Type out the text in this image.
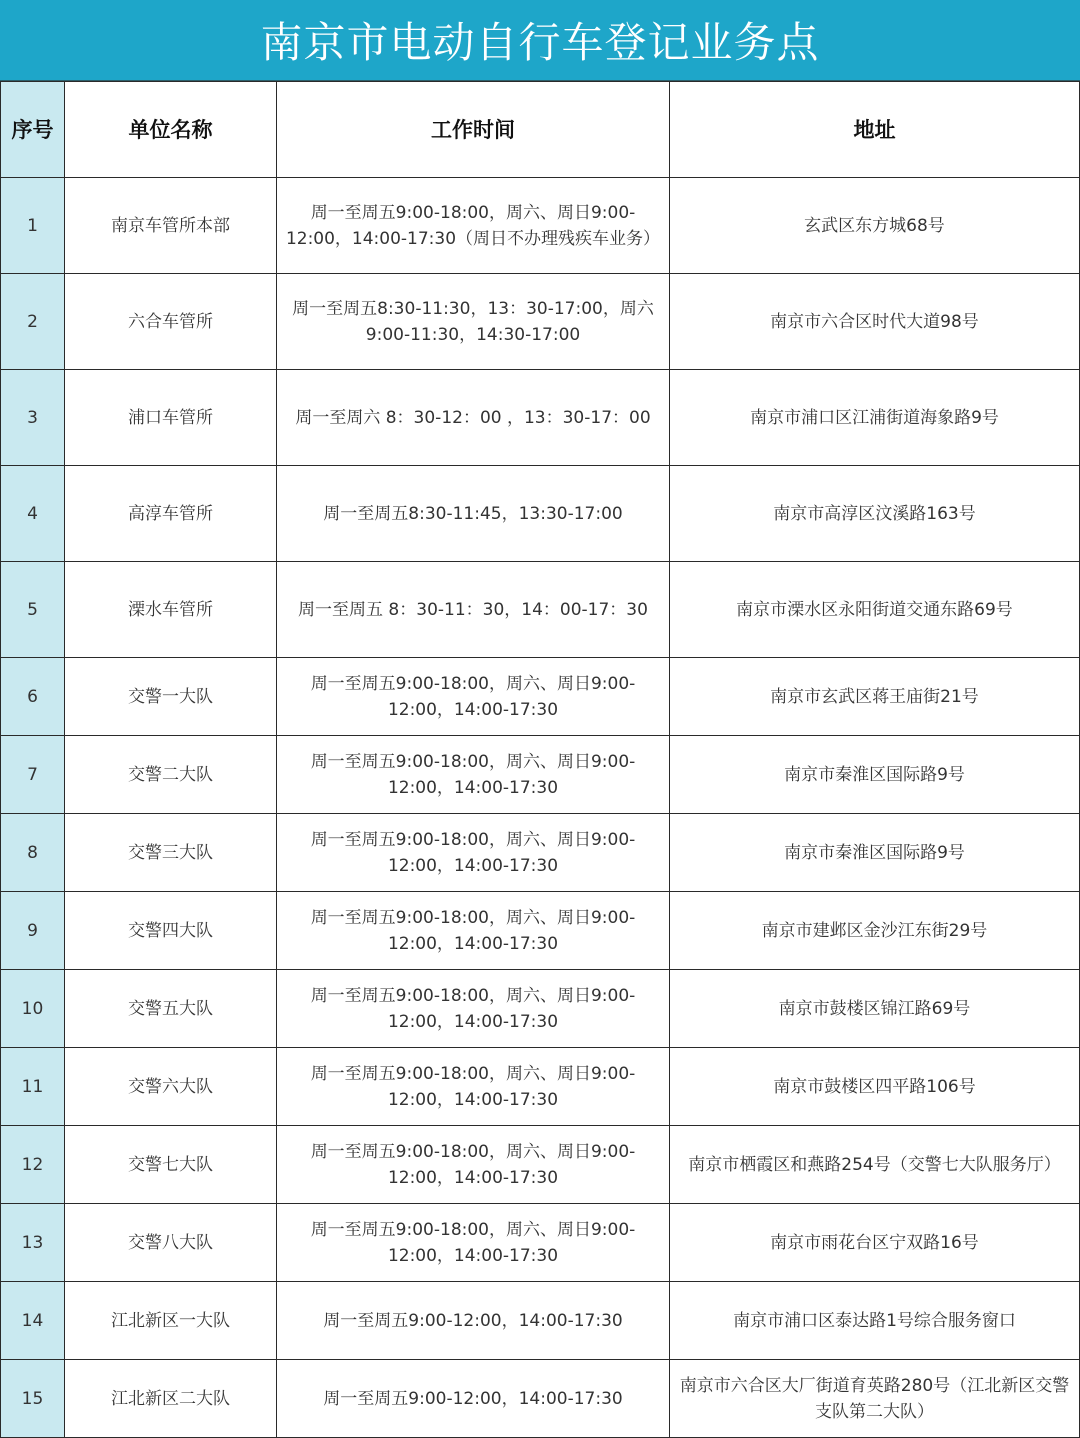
南京市电动自行车登记业务点
序号	单位名称	工作时间	地址
1	南京车管所本部	周一至周五9:00-18:00，周六、周日9:00-12:00，14:00-17:30（周日不办理残疾车业务）	玄武区东方城68号
2	六合车管所	周一至周五8:30-11:30，13：30-17:00，周六9:00-11:30，14:30-17:00	南京市六合区时代大道98号
3	浦口车管所	周一至周六 8：30-12：00 ，13：30-17：00	南京市浦口区江浦街道海象路9号
4	高淳车管所	周一至周五8:30-11:45，13:30-17:00	南京市高淳区汶溪路163号
5	溧水车管所	周一至周五 8：30-11：30，14：00-17：30	南京市溧水区永阳街道交通东路69号
6	交警一大队	周一至周五9:00-18:00，周六、周日9:00-12:00，14:00-17:30	南京市玄武区蒋王庙街21号
7	交警二大队	周一至周五9:00-18:00，周六、周日9:00-12:00，14:00-17:30	南京市秦淮区国际路9号
8	交警三大队	周一至周五9:00-18:00，周六、周日9:00-12:00，14:00-17:30	南京市秦淮区国际路9号
9	交警四大队	周一至周五9:00-18:00，周六、周日9:00-12:00，14:00-17:30	南京市建邺区金沙江东街29号
10	交警五大队	周一至周五9:00-18:00，周六、周日9:00-12:00，14:00-17:30	南京市鼓楼区锦江路69号
11	交警六大队	周一至周五9:00-18:00，周六、周日9:00-12:00，14:00-17:30	南京市鼓楼区四平路106号
12	交警七大队	周一至周五9:00-18:00，周六、周日9:00-12:00，14:00-17:30	南京市栖霞区和燕路254号（交警七大队服务厅）
13	交警八大队	周一至周五9:00-18:00，周六、周日9:00-12:00，14:00-17:30	南京市雨花台区宁双路16号
14	江北新区一大队	周一至周五9:00-12:00，14:00-17:30	南京市浦口区泰达路1号综合服务窗口
15	江北新区二大队	周一至周五9:00-12:00，14:00-17:30	南京市六合区大厂街道育英路280号（江北新区交警支队第二大队）
